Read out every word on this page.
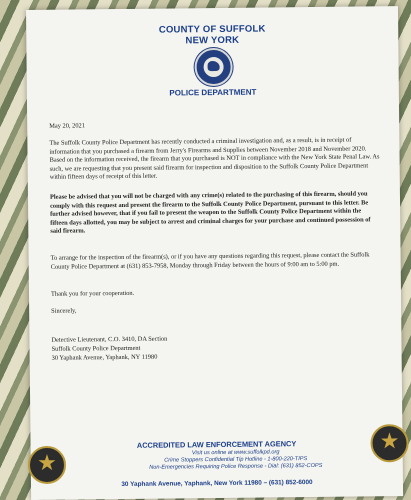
COUNTY OF SUFFOLK
NEW YORK
POLICE DEPARTMENT
May 20, 2021
The Suffolk County Police Department has recently conducted a criminal investigation and, as a result, is in receipt of information that you purchased a firearm from Jerry's Firearms and Supplies between November 2018 and November 2020. Based on the information received, the firearm that you purchased is NOT in compliance with the New York State Penal Law. As such, we are requesting that you present said firearm for inspection and disposition to the Suffolk County Police Department within fifteen days of receipt of this letter.
Please be advised that you will not be charged with any crime(s) related to the purchasing of this firearm, should you comply with this request and present the firearm to the Suffolk County Police Department, pursuant to this letter. Be further advised however, that if you fail to present the weapon to the Suffolk County Police Department within the fifteen days allotted, you may be subject to arrest and criminal charges for your purchase and continued possession of said firearm.
To arrange for the inspection of the firearm(s), or if you have any questions regarding this request, please contact the Suffolk County Police Department at (631) 853-7958, Monday through Friday between the hours of 9:00 am to 5:00 pm.
Thank you for your cooperation.
Sincerely,
Detective Lieutenant, C.O. 3410, DA Section
Suffolk County Police Department
30 Yaphank Avenue, Yaphank, NY 11980
★
ACCREDITED LAW ENFORCEMENT AGENCY
Visit us online at www.suffolkpd.org
Crime Stoppers Confidential Tip Hotline - 1-800-220-TIPS
Non-Emergencies Requiring Police Response - Dial: (631) 852-COPS
30 Yaphank Avenue, Yaphank, New York 11980 – (631) 852-6000
★
